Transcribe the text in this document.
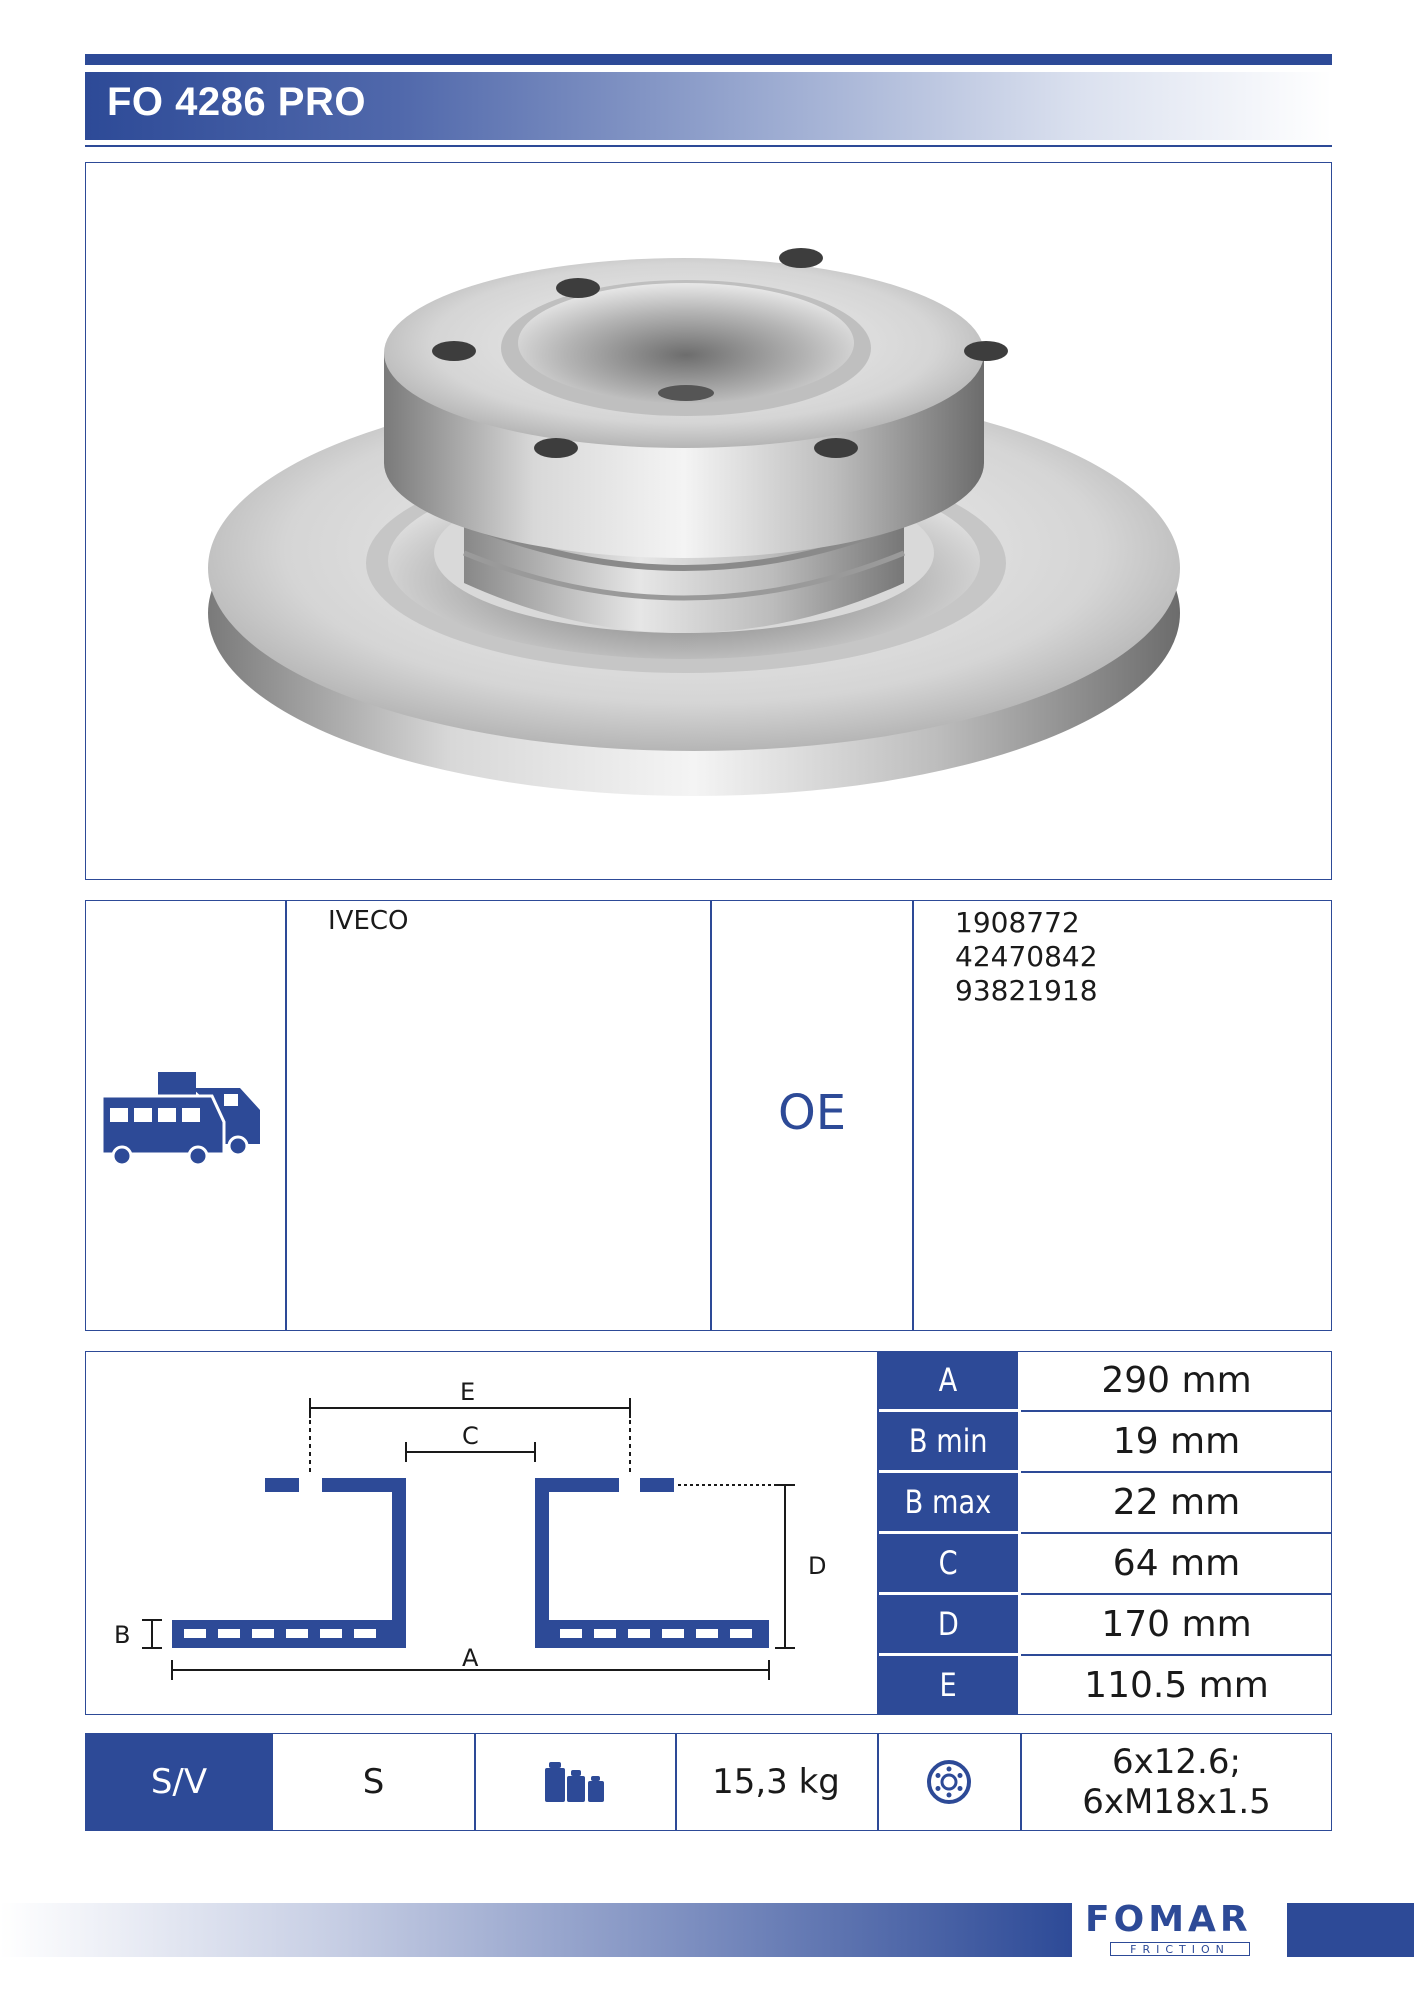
FO 4286 PRO
IVECO
OE
1908772
42470842
93821918
E
C
D
B
A
A	290 mm
B min	19 mm
B max	22 mm
C	64 mm
D	170 mm
E	110.5 mm
S/V	S	15,3 kg	6x12.6;
6xM18x1.5
FOMAR
FRICTION
